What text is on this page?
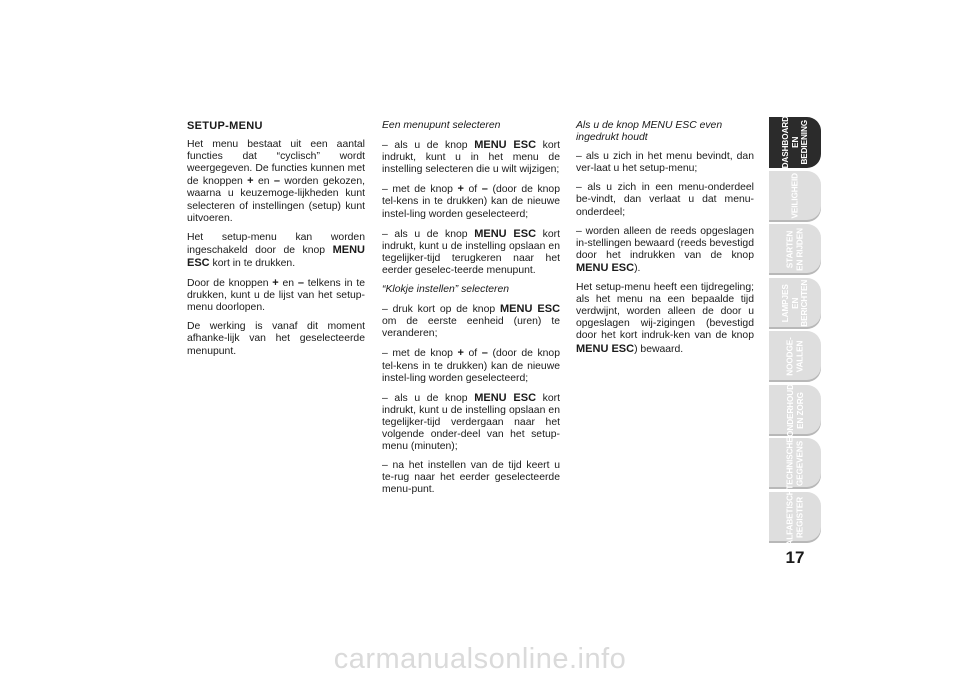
SETUP-MENU

Het menu bestaat uit een aantal functies dat “cyclisch” wordt weergegeven. De functies kunnen met de knoppen + en – worden gekozen, waarna u keuzemoge-lijkheden kunt selecteren of instellingen (setup) kunt uitvoeren.

Het setup-menu kan worden ingeschakeld door de knop MENU ESC kort in te drukken.

Door de knoppen + en – telkens in te drukken, kunt u de lijst van het setup-menu doorlopen.

De werking is vanaf dit moment afhanke-lijk van het geselecteerde menupunt.

Een menupunt selecteren

– als u de knop MENU ESC kort indrukt, kunt u in het menu de instelling selecteren die u wilt wijzigen;

– met de knop + of – (door de knop tel-kens in te drukken) kan de nieuwe instel-ling worden geselecteerd;

– als u de knop MENU ESC kort indrukt, kunt u de instelling opslaan en tegelijker-tijd terugkeren naar het eerder geselec-teerde menupunt.

“Klokje instellen” selecteren

– druk kort op de knop MENU ESC om de eerste eenheid (uren) te veranderen;

– met de knop + of – (door de knop tel-kens in te drukken) kan de nieuwe instel-ling worden geselecteerd;

– als u de knop MENU ESC kort indrukt, kunt u de instelling opslaan en tegelijker-tijd verdergaan naar het volgende onder-deel van het setup-menu (minuten);

– na het instellen van de tijd keert u te-rug naar het eerder geselecteerde menu-punt.

Als u de knop MENU ESC even ingedrukt houdt

– als u zich in het menu bevindt, dan ver-laat u het setup-menu;

– als u zich in een menu-onderdeel be-vindt, dan verlaat u dat menu-onderdeel;

– worden alleen de reeds opgeslagen in-stellingen bewaard (reeds bevestigd door het indrukken van de knop MENU ESC).

Het setup-menu heeft een tijdregeling; als het menu na een bepaalde tijd verdwijnt, worden alleen de door u opgeslagen wij-zigingen (bevestigd door het kort indruk-ken van de knop MENU ESC) bewaard.

DASHBOARD
EN BEDIENING
VEILIGHEID
STARTEN
EN RIJDEN
LAMPJES
EN BERICHTEN
NOODGE-
VALLEN
ONDERHOUD
EN ZORG
TECHNISCHE
GEGEVENS
ALFABETISCH
REGISTER
17
carmanualsonline.info
